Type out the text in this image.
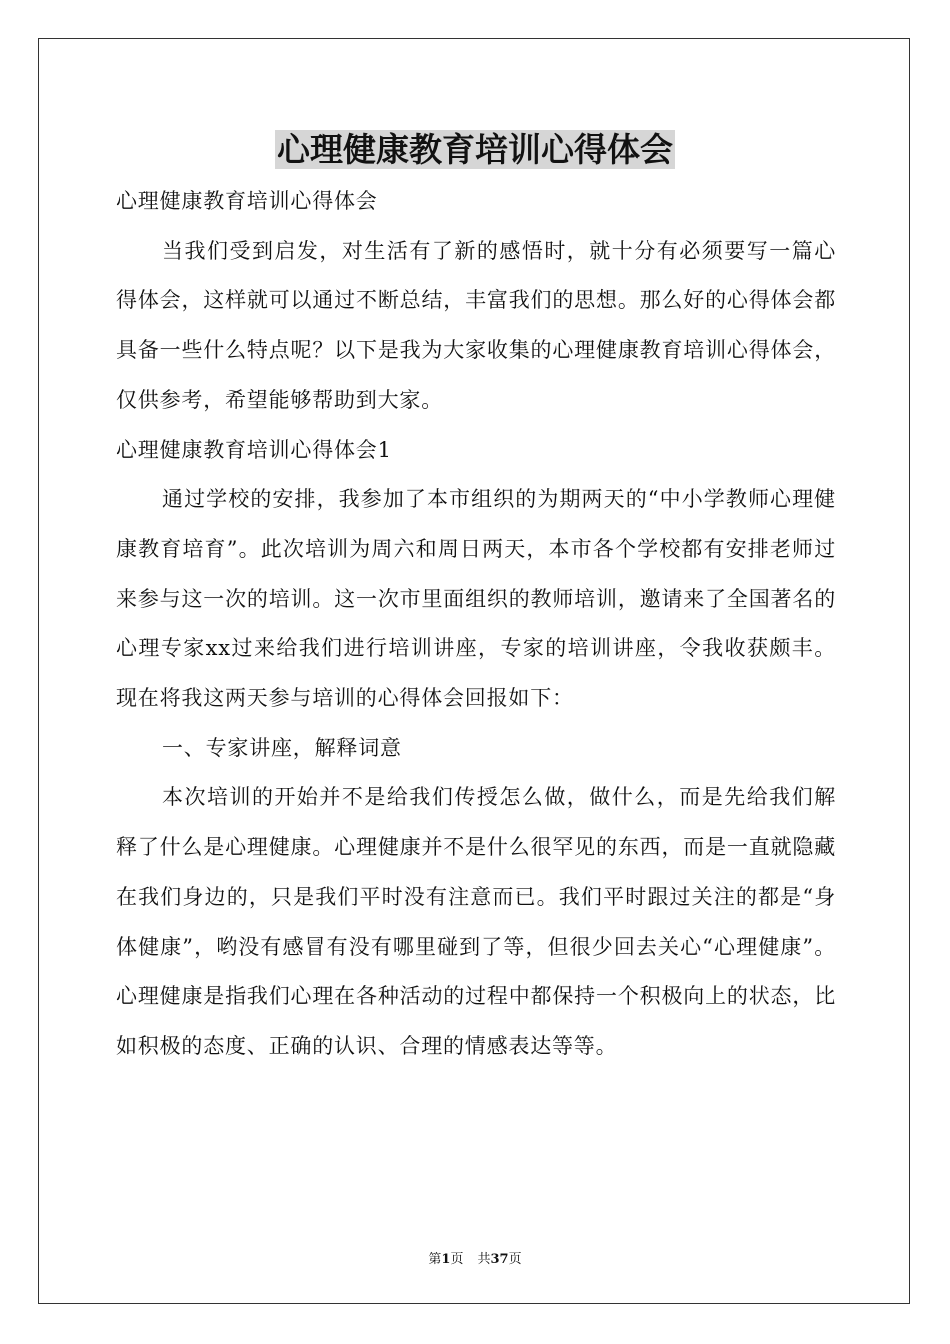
心理健康教育培训心得体会

心理健康教育培训心得体会

当我们受到启发，对生活有了新的感悟时，就十分有必须要写一篇心得体会，这样就可以通过不断总结，丰富我们的思想。那么好的心得体会都具备一些什么特点呢？以下是我为大家收集的心理健康教育培训心得体会，仅供参考，希望能够帮助到大家。

心理健康教育培训心得体会1

通过学校的安排，我参加了本市组织的为期两天的“中小学教师心理健康教育培育”。此次培训为周六和周日两天，本市各个学校都有安排老师过来参与这一次的培训。这一次市里面组织的教师培训，邀请来了全国著名的心理专家xx过来给我们进行培训讲座，专家的培训讲座，令我收获颇丰。现在将我这两天参与培训的心得体会回报如下：

一、专家讲座，解释词意

本次培训的开始并不是给我们传授怎么做，做什么，而是先给我们解释了什么是心理健康。心理健康并不是什么很罕见的东西，而是一直就隐藏在我们身边的，只是我们平时没有注意而已。我们平时跟过关注的都是“身体健康”，哟没有感冒有没有哪里碰到了等，但很少回去关心“心理健康”。心理健康是指我们心理在各种活动的过程中都保持一个积极向上的状态，比如积极的态度、正确的认识、合理的情感表达等等。

第1页 共37页
